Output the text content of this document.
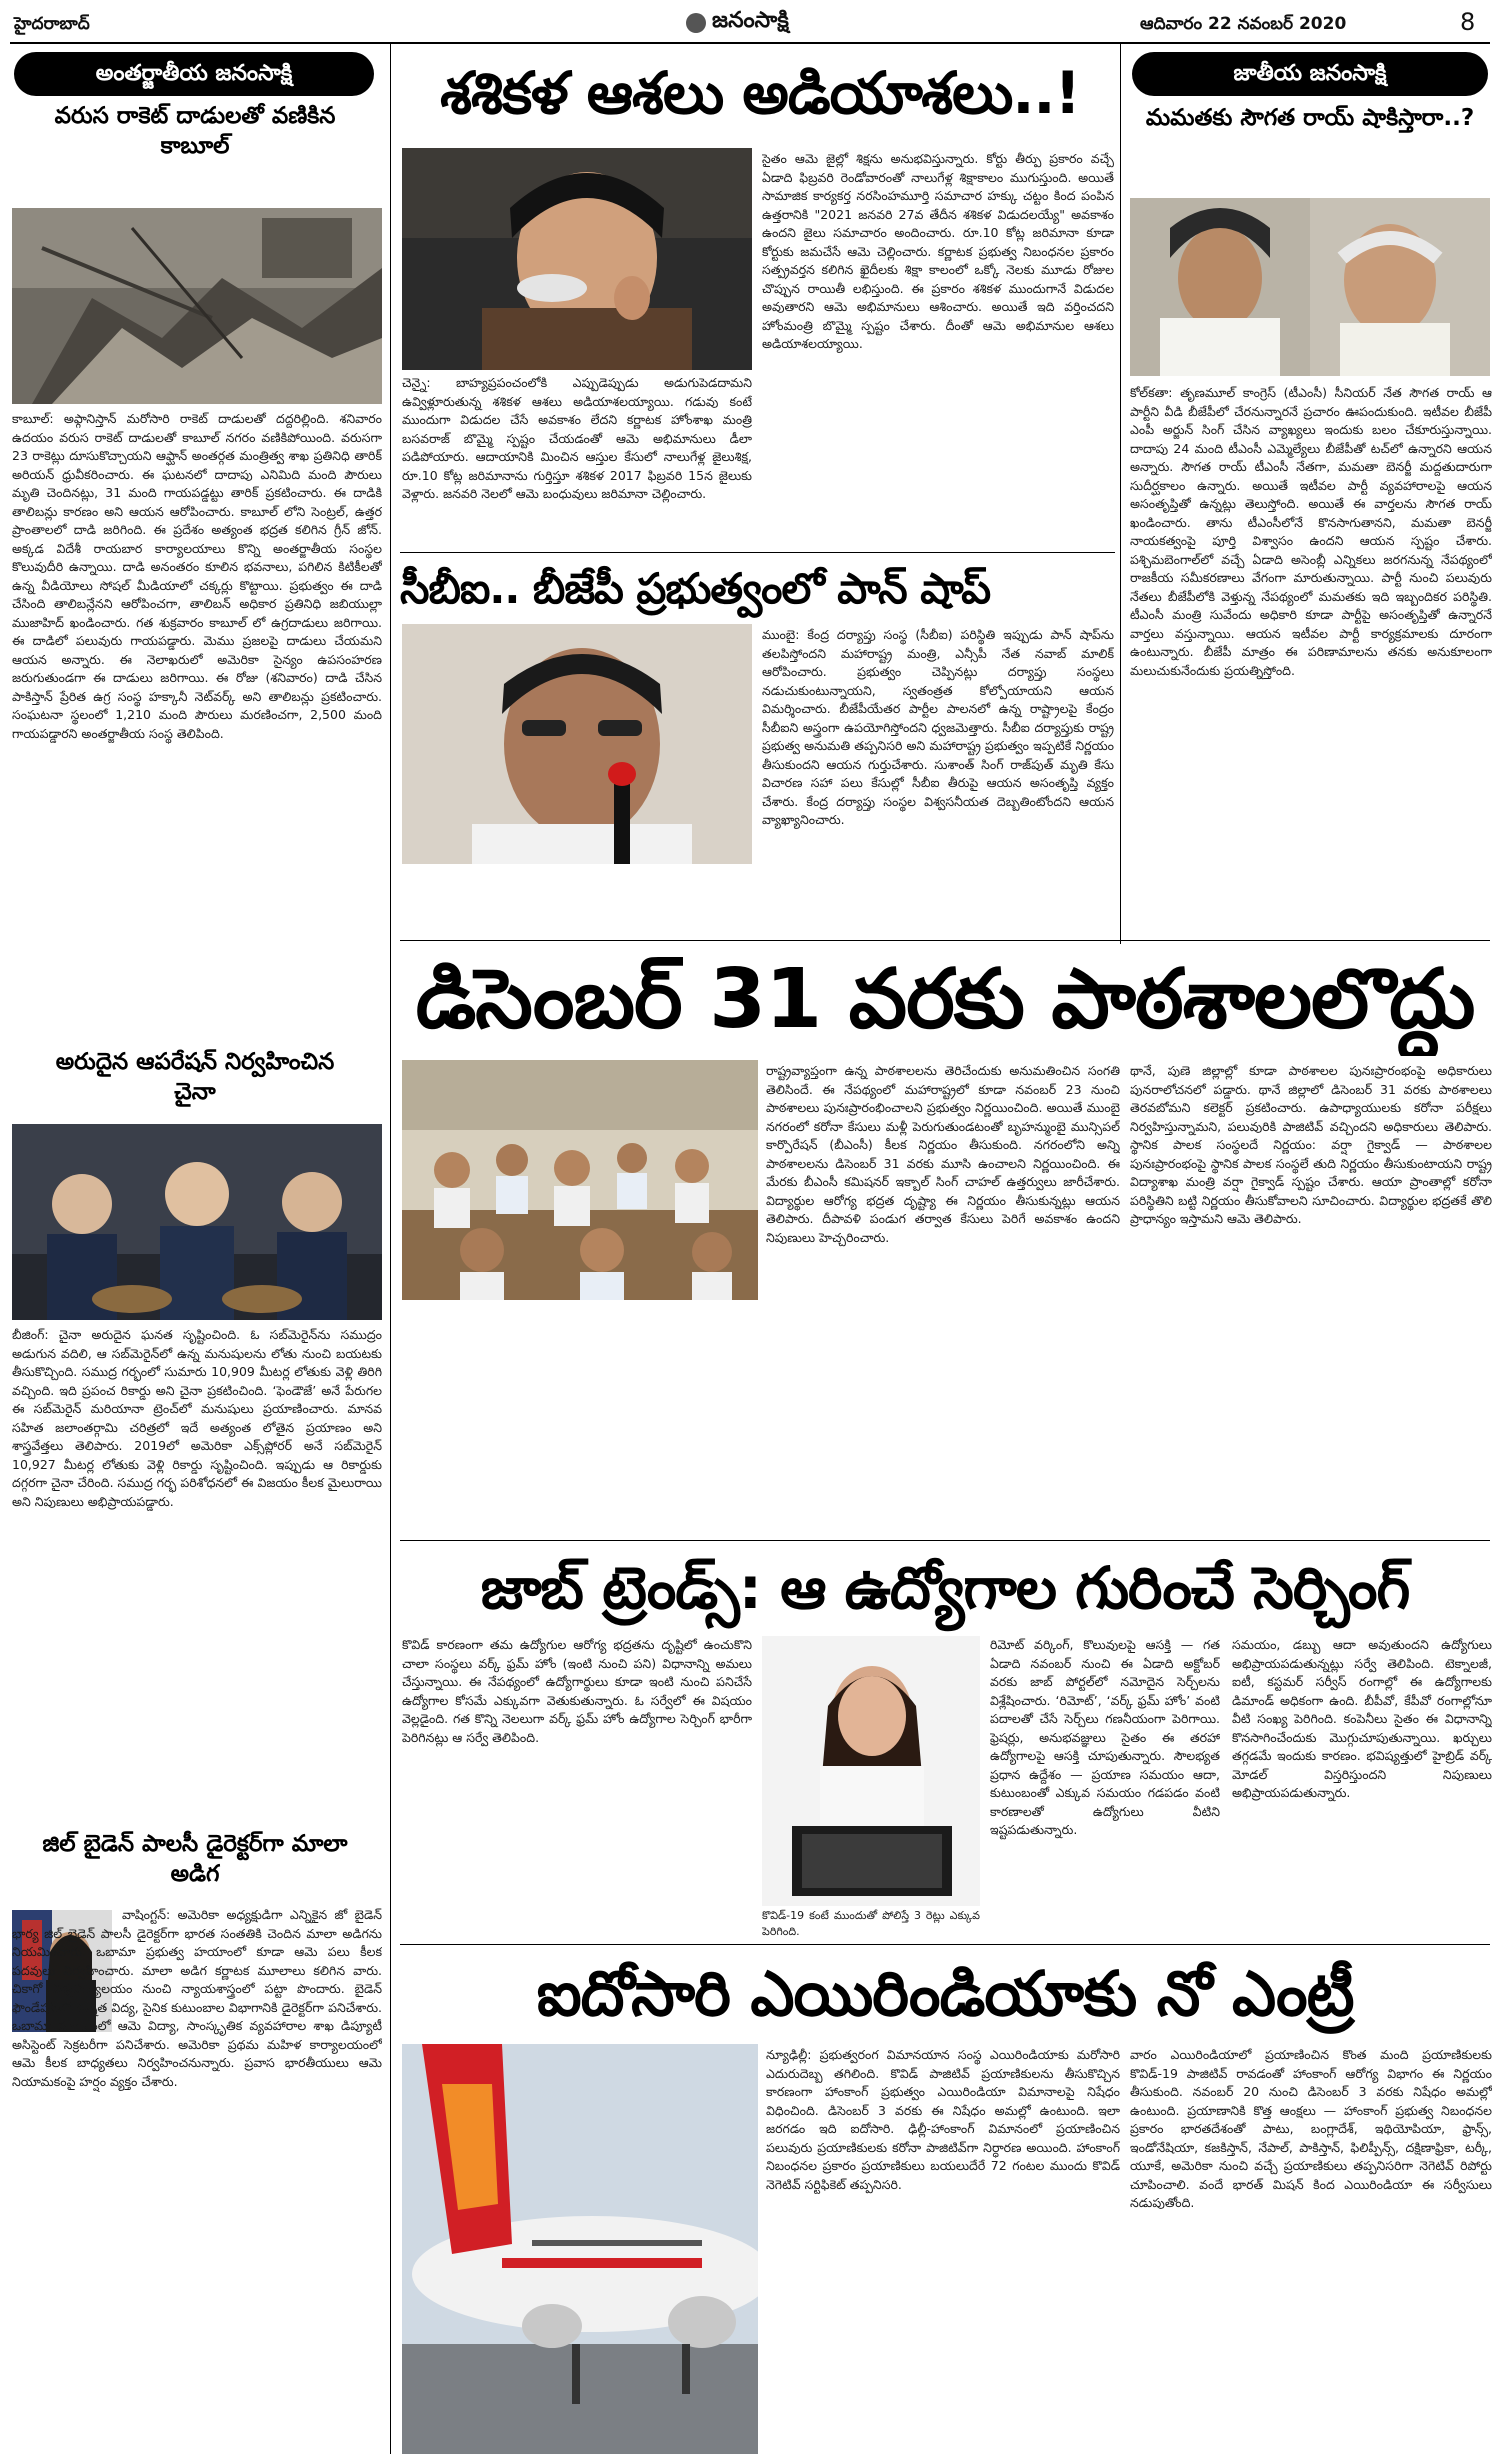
హైదరాబాద్	జనంసాక్షి	ఆదివారం 22 నవంబర్ 2020	8
అంతర్జాతీయ జనంసాక్షి
వరుస రాకెట్ దాడులతో వణికిన కాబూల్
కాబూల్: అఫ్గానిస్తాన్ మరోసారి రాకెట్ దాడులతో దద్దరిల్లింది. శనివారం ఉదయం వరుస రాకెట్ దాడులతో కాబూల్ నగరం వణికిపోయింది. వరుసగా 23 రాకెట్లు దూసుకొచ్చాయని ఆఫ్ఘాన్ అంతర్గత మంత్రిత్వ శాఖ ప్రతినిధి తారిక్ అరియన్ ధ్రువీకరించారు. ఈ ఘటనలో దాదాపు ఎనిమిది మంది పౌరులు మృతి చెందినట్లు, 31 మంది గాయపడ్డట్టు తారిక్ ప్రకటించారు. ఈ దాడికి తాలిబన్లు కారణం అని ఆయన ఆరోపించారు. కాబూల్ లోని సెంట్రల్, ఉత్తర ప్రాంతాలలో దాడి జరిగింది. ఈ ప్రదేశం అత్యంత భద్రత కలిగిన గ్రీన్ జోన్. అక్కడ విదేశీ రాయబార కార్యాలయాలు కొన్ని అంతర్జాతీయ సంస్థల కొలువుదీరి ఉన్నాయి. దాడి అనంతరం కూలిన భవనాలు, పగిలిన కిటికీలతో ఉన్న వీడియోలు సోషల్ మీడియాలో చక్కర్లు కొట్టాయి. ప్రభుత్వం ఈ దాడి చేసింది తాలిబన్లేనని ఆరోపించగా, తాలిబన్ అధికార ప్రతినిధి జబియుల్లా ముజాహిద్ ఖండించారు. గత శుక్రవారం కాబూల్ లో ఉగ్రదాడులు జరిగాయి. ఈ దాడిలో పలువురు గాయపడ్డారు. మెము ప్రజలపై దాడులు చేయమని ఆయన అన్నారు. ఈ నెలాఖరులో అమెరికా సైన్యం ఉపసంహరణ జరుగుతుండగా ఈ దాడులు జరిగాయి. ఈ రోజు (శనివారం) దాడి చేసిన పాకిస్తాన్ ప్రేరిత ఉగ్ర సంస్థ హక్కానీ నెట్‌వర్క్ అని తాలిబన్లు ప్రకటించారు. సంఘటనా స్థలంలో 1,210 మంది పౌరులు మరణించగా, 2,500 మంది గాయపడ్డారని అంతర్జాతీయ సంస్థ తెలిపింది.
అరుదైన ఆపరేషన్ నిర్వహించిన చైనా
బీజింగ్: చైనా అరుదైన ఘనత సృష్టించింది. ఓ సబ్‌మెరైన్‌ను సముద్రం అడుగున వదిలి, ఆ సబ్‌మెరైన్‌లో ఉన్న మనుషులను లోతు నుంచి బయటకు తీసుకొచ్చింది. సముద్ర గర్భంలో సుమారు 10,909 మీటర్ల లోతుకు వెళ్లి తిరిగి వచ్చింది. ఇది ప్రపంచ రికార్డు అని చైనా ప్రకటించింది. ‘ఫెండౌజే’ అనే పేరుగల ఈ సబ్‌మెరైన్ మరియానా ట్రెంచ్‌లో మనుషులు ప్రయాణించారు. మానవ సహిత జలాంతర్గామి చరిత్రలో ఇదే అత్యంత లోతైన ప్రయాణం అని శాస్త్రవేత్తలు తెలిపారు. 2019లో అమెరికా ఎక్స్‌ప్లోరర్ అనే సబ్‌మెరైన్ 10,927 మీటర్ల లోతుకు వెళ్లి రికార్డు సృష్టించింది. ఇప్పుడు ఆ రికార్డుకు దగ్గరగా చైనా చేరింది. సముద్ర గర్భ పరిశోధనలో ఈ విజయం కీలక మైలురాయి అని నిపుణులు అభిప్రాయపడ్డారు.
జిల్ బైడెన్ పాలసీ డైరెక్టర్‌గా మాలా అడిగ
వాషింగ్టన్: అమెరికా అధ్యక్షుడిగా ఎన్నికైన జో బైడెన్ భార్య జిల్ బైడెన్ పాలసీ డైరెక్టర్‌గా భారత సంతతికి చెందిన మాలా అడిగను నియమించారు. ఒబామా ప్రభుత్వ హయాంలో కూడా ఆమె పలు కీలక పదవులు నిర్వహించారు. మాలా అడిగ కర్ణాటక మూలాలు కలిగిన వారు. చికాగో విశ్వవిద్యాలయం నుంచి న్యాయశాస్త్రంలో పట్టా పొందారు. బైడెన్ ఫౌండేషన్‌లో ఉన్నత విద్య, సైనిక కుటుంబాల విభాగానికి డైరెక్టర్‌గా పనిచేశారు. ఒబామా హయాంలో ఆమె విద్యా, సాంస్కృతిక వ్యవహారాల శాఖ డిప్యూటీ అసిస్టెంట్ సెక్రటరీగా పనిచేశారు. అమెరికా ప్రథమ మహిళ కార్యాలయంలో ఆమె కీలక బాధ్యతలు నిర్వహించనున్నారు. ప్రవాస భారతీయులు ఆమె నియామకంపై హర్షం వ్యక్తం చేశారు.
శశికళ ఆశలు అడియాశలు..!
చెన్నై: బాహ్యప్రపంచంలోకి ఎప్పుడెప్పుడు అడుగుపెడదామని ఉవ్విళ్లూరుతున్న శశికళ ఆశలు అడియాశలయ్యాయి. గడువు కంటే ముందుగా విడుదల చేసే అవకాశం లేదని కర్ణాటక హోంశాఖ మంత్రి బసవరాజ్ బొమ్మై స్పష్టం చేయడంతో ఆమె అభిమానులు డీలా పడిపోయారు. ఆదాయానికి మించిన ఆస్తుల కేసులో నాలుగేళ్ల జైలుశిక్ష, రూ.10 కోట్ల జరిమానాను గుర్తిస్తూ శశికళ 2017 ఫిబ్రవరి 15న జైలుకు వెళ్లారు. జనవరి నెలలో ఆమె బంధువులు జరిమానా చెల్లించారు.
సైతం ఆమె జైల్లో శిక్షను అనుభవిస్తున్నారు. కోర్టు తీర్పు ప్రకారం వచ్చే ఏడాది ఫిబ్రవరి రెండోవారంతో నాలుగేళ్ల శిక్షాకాలం ముగుస్తుంది. అయితే సామాజిక కార్యకర్త నరసింహమూర్తి సమాచార హక్కు చట్టం కింద పంపిన ఉత్తరానికి "2021 జనవరి 27వ తేదీన శశికళ విడుదలయ్యే" అవకాశం ఉందని జైలు సమాచారం అందించారు. రూ.10 కోట్ల జరిమానా కూడా కోర్టుకు జమచేసే ఆమె చెల్లించారు. కర్ణాటక ప్రభుత్వ నిబంధనల ప్రకారం సత్ప్రవర్తన కలిగిన ఖైదీలకు శిక్షా కాలంలో ఒక్కో నెలకు మూడు రోజుల చొప్పున రాయితీ లభిస్తుంది. ఈ ప్రకారం శశికళ ముందుగానే విడుదల అవుతారని ఆమె అభిమానులు ఆశించారు. అయితే ఇది వర్తించదని హోంమంత్రి బొమ్మై స్పష్టం చేశారు. దీంతో ఆమె అభిమానుల ఆశలు అడియాశలయ్యాయి.
సీబీఐ.. బీజేపీ ప్రభుత్వంలో పాన్ షాప్
ముంబై: కేంద్ర దర్యాప్తు సంస్థ (సీబీఐ) పరిస్థితి ఇప్పుడు పాన్ షాప్‌ను తలపిస్తోందని మహారాష్ట్ర మంత్రి, ఎన్సీపీ నేత నవాబ్ మాలిక్ ఆరోపించారు. ప్రభుత్వం చెప్పినట్లు దర్యాప్తు సంస్థలు నడుచుకుంటున్నాయని, స్వతంత్రత కోల్పోయాయని ఆయన విమర్శించారు. బీజేపీయేతర పార్టీల పాలనలో ఉన్న రాష్ట్రాలపై కేంద్రం సీబీఐని అస్త్రంగా ఉపయోగిస్తోందని ధ్వజమెత్తారు. సీబీఐ దర్యాప్తుకు రాష్ట్ర ప్రభుత్వ అనుమతి తప్పనిసరి అని మహారాష్ట్ర ప్రభుత్వం ఇప్పటికే నిర్ణయం తీసుకుందని ఆయన గుర్తుచేశారు. సుశాంత్ సింగ్ రాజ్‌పుత్ మృతి కేసు విచారణ సహా పలు కేసుల్లో సీబీఐ తీరుపై ఆయన అసంతృప్తి వ్యక్తం చేశారు. కేంద్ర దర్యాప్తు సంస్థల విశ్వసనీయత దెబ్బతింటోందని ఆయన వ్యాఖ్యానించారు.
జాతీయ జనంసాక్షి
మమతకు సౌగత రాయ్ షాకిస్తారా..?
కోల్‌కతా: తృణమూల్ కాంగ్రెస్ (టీఎంసీ) సీనియర్ నేత సౌగత రాయ్ ఆ పార్టీని వీడి బీజేపీలో చేరనున్నారనే ప్రచారం ఊపందుకుంది. ఇటీవల బీజేపీ ఎంపీ అర్జున్ సింగ్ చేసిన వ్యాఖ్యలు ఇందుకు బలం చేకూరుస్తున్నాయి. దాదాపు 24 మంది టీఎంసీ ఎమ్మెల్యేలు బీజేపీతో టచ్‌లో ఉన్నారని ఆయన అన్నారు. సౌగత రాయ్ టీఎంసీ నేతగా, మమతా బెనర్జీ మద్దతుదారుగా సుదీర్ఘకాలం ఉన్నారు. అయితే ఇటీవల పార్టీ వ్యవహారాలపై ఆయన అసంతృప్తితో ఉన్నట్లు తెలుస్తోంది. అయితే ఈ వార్తలను సౌగత రాయ్ ఖండించారు. తాను టీఎంసీలోనే కొనసాగుతానని, మమతా బెనర్జీ నాయకత్వంపై పూర్తి విశ్వాసం ఉందని ఆయన స్పష్టం చేశారు. పశ్చిమబెంగాల్‌లో వచ్చే ఏడాది అసెంబ్లీ ఎన్నికలు జరగనున్న నేపథ్యంలో రాజకీయ సమీకరణాలు వేగంగా మారుతున్నాయి. పార్టీ నుంచి పలువురు నేతలు బీజేపీలోకి వెళ్తున్న నేపథ్యంలో మమతకు ఇది ఇబ్బందికర పరిస్థితి. టీఎంసీ మంత్రి సువేందు అధికారి కూడా పార్టీపై అసంతృప్తితో ఉన్నారనే వార్తలు వస్తున్నాయి. ఆయన ఇటీవల పార్టీ కార్యక్రమాలకు దూరంగా ఉంటున్నారు. బీజేపీ మాత్రం ఈ పరిణామాలను తనకు అనుకూలంగా మలుచుకునేందుకు ప్రయత్నిస్తోంది.
డిసెంబర్ 31 వరకు పాఠశాలలొద్దు
రాష్ట్రవ్యాప్తంగా ఉన్న పాఠశాలలను తెరిచేందుకు అనుమతించిన సంగతి తెలిసిందే. ఈ నేపథ్యంలో మహారాష్ట్రలో కూడా నవంబర్ 23 నుంచి పాఠశాలలు పునఃప్రారంభించాలని ప్రభుత్వం నిర్ణయించింది. అయితే ముంబై నగరంలో కరోనా కేసులు మళ్లీ పెరుగుతుండటంతో బృహన్ముంబై మున్సిపల్ కార్పొరేషన్ (బీఎంసీ) కీలక నిర్ణయం తీసుకుంది. నగరంలోని అన్ని పాఠశాలలను డిసెంబర్ 31 వరకు మూసి ఉంచాలని నిర్ణయించింది. ఈ మేరకు బీఎంసీ కమిషనర్ ఇక్బాల్ సింగ్ చాహల్ ఉత్తర్వులు జారీచేశారు. విద్యార్థుల ఆరోగ్య భద్రత దృష్ట్యా ఈ నిర్ణయం తీసుకున్నట్లు ఆయన తెలిపారు. దీపావళి పండుగ తర్వాత కేసులు పెరిగే అవకాశం ఉందని నిపుణులు హెచ్చరించారు.
థానే, పుణె జిల్లాల్లో కూడా పాఠశాలల పునఃప్రారంభంపై అధికారులు పునరాలోచనలో పడ్డారు. థానే జిల్లాలో డిసెంబర్ 31 వరకు పాఠశాలలు తెరవబోమని కలెక్టర్ ప్రకటించారు. ఉపాధ్యాయులకు కరోనా పరీక్షలు నిర్వహిస్తున్నామని, పలువురికి పాజిటివ్ వచ్చిందని అధికారులు తెలిపారు. స్థానిక పాలక సంస్థలదే నిర్ణయం: వర్షా గైక్వాడ్ — పాఠశాలల పునఃప్రారంభంపై స్థానిక పాలక సంస్థలే తుది నిర్ణయం తీసుకుంటాయని రాష్ట్ర విద్యాశాఖ మంత్రి వర్షా గైక్వాడ్ స్పష్టం చేశారు. ఆయా ప్రాంతాల్లో కరోనా పరిస్థితిని బట్టి నిర్ణయం తీసుకోవాలని సూచించారు. విద్యార్థుల భద్రతకే తొలి ప్రాధాన్యం ఇస్తామని ఆమె తెలిపారు.
జాబ్ ట్రెండ్స్: ఆ ఉద్యోగాల గురించే సెర్చింగ్
కొవిడ్ కారణంగా తమ ఉద్యోగుల ఆరోగ్య భద్రతను దృష్టిలో ఉంచుకొని చాలా సంస్థలు వర్క్ ఫ్రమ్ హోం (ఇంటి నుంచి పని) విధానాన్ని అమలు చేస్తున్నాయి. ఈ నేపథ్యంలో ఉద్యోగార్థులు కూడా ఇంటి నుంచి పనిచేసే ఉద్యోగాల కోసమే ఎక్కువగా వెతుకుతున్నారు. ఓ సర్వేలో ఈ విషయం వెల్లడైంది. గత కొన్ని నెలలుగా వర్క్ ఫ్రమ్ హోం ఉద్యోగాల సెర్చింగ్ భారీగా పెరిగినట్లు ఆ సర్వే తెలిపింది.
కొవిడ్-19 కంటే ముందుతో పోలిస్తే 3 రెట్లు ఎక్కువ పెరిగింది.
రిమోట్ వర్కింగ్, కొలువులపై ఆసక్తి — గత ఏడాది నవంబర్ నుంచి ఈ ఏడాది అక్టోబర్ వరకు జాబ్ పోర్టల్‌లో నమోదైన సెర్చ్‌లను విశ్లేషించారు. ‘రిమోట్’, ‘వర్క్ ఫ్రమ్ హోం’ వంటి పదాలతో చేసే సెర్చ్‌లు గణనీయంగా పెరిగాయి. ఫ్రెషర్లు, అనుభవజ్ఞులు సైతం ఈ తరహా ఉద్యోగాలపై ఆసక్తి చూపుతున్నారు. సౌలభ్యత ప్రధాన ఉద్దేశం — ప్రయాణ సమయం ఆదా, కుటుంబంతో ఎక్కువ సమయం గడపడం వంటి కారణాలతో ఉద్యోగులు వీటిని ఇష్టపడుతున్నారు.
సమయం, డబ్బు ఆదా అవుతుందని ఉద్యోగులు అభిప్రాయపడుతున్నట్లు సర్వే తెలిపింది. టెక్నాలజీ, ఐటీ, కస్టమర్ సర్వీస్ రంగాల్లో ఈ ఉద్యోగాలకు డిమాండ్ అధికంగా ఉంది. బీపీవో, కేపీవో రంగాల్లోనూ వీటి సంఖ్య పెరిగింది. కంపెనీలు సైతం ఈ విధానాన్ని కొనసాగించేందుకు మొగ్గుచూపుతున్నాయి. ఖర్చులు తగ్గడమే ఇందుకు కారణం. భవిష్యత్తులో హైబ్రిడ్ వర్క్ మోడల్ విస్తరిస్తుందని నిపుణులు అభిప్రాయపడుతున్నారు.
ఐదోసారి ఎయిరిండియాకు నో ఎంట్రీ
న్యూఢిల్లీ: ప్రభుత్వరంగ విమానయాన సంస్థ ఎయిరిండియాకు మరోసారి ఎదురుదెబ్బ తగిలింది. కొవిడ్ పాజిటివ్ ప్రయాణికులను తీసుకొచ్చిన కారణంగా హాంకాంగ్ ప్రభుత్వం ఎయిరిండియా విమానాలపై నిషేధం విధించింది. డిసెంబర్ 3 వరకు ఈ నిషేధం అమల్లో ఉంటుంది. ఇలా జరగడం ఇది ఐదోసారి. ఢిల్లీ-హాంకాంగ్ విమానంలో ప్రయాణించిన పలువురు ప్రయాణికులకు కరోనా పాజిటివ్‌గా నిర్ధారణ అయింది. హాంకాంగ్ నిబంధనల ప్రకారం ప్రయాణికులు బయలుదేరే 72 గంటల ముందు కొవిడ్ నెగెటివ్ సర్టిఫికెట్ తప్పనిసరి.
వారం ఎయిరిండియాలో ప్రయాణించిన కొంత మంది ప్రయాణికులకు కొవిడ్-19 పాజిటివ్ రావడంతో హాంకాంగ్ ఆరోగ్య విభాగం ఈ నిర్ణయం తీసుకుంది. నవంబర్ 20 నుంచి డిసెంబర్ 3 వరకు నిషేధం అమల్లో ఉంటుంది. ప్రయాణానికి కొత్త ఆంక్షలు — హాంకాంగ్ ప్రభుత్వ నిబంధనల ప్రకారం భారతదేశంతో పాటు, బంగ్లాదేశ్, ఇథియోపియా, ఫ్రాన్స్, ఇండోనేషియా, కజకిస్తాన్, నేపాల్, పాకిస్తాన్, ఫిలిప్పీన్స్, దక్షిణాఫ్రికా, టర్కీ, యూకే, అమెరికా నుంచి వచ్చే ప్రయాణికులు తప్పనిసరిగా నెగెటివ్ రిపోర్టు చూపించాలి. వందే భారత్ మిషన్ కింద ఎయిరిండియా ఈ సర్వీసులు నడుపుతోంది.
